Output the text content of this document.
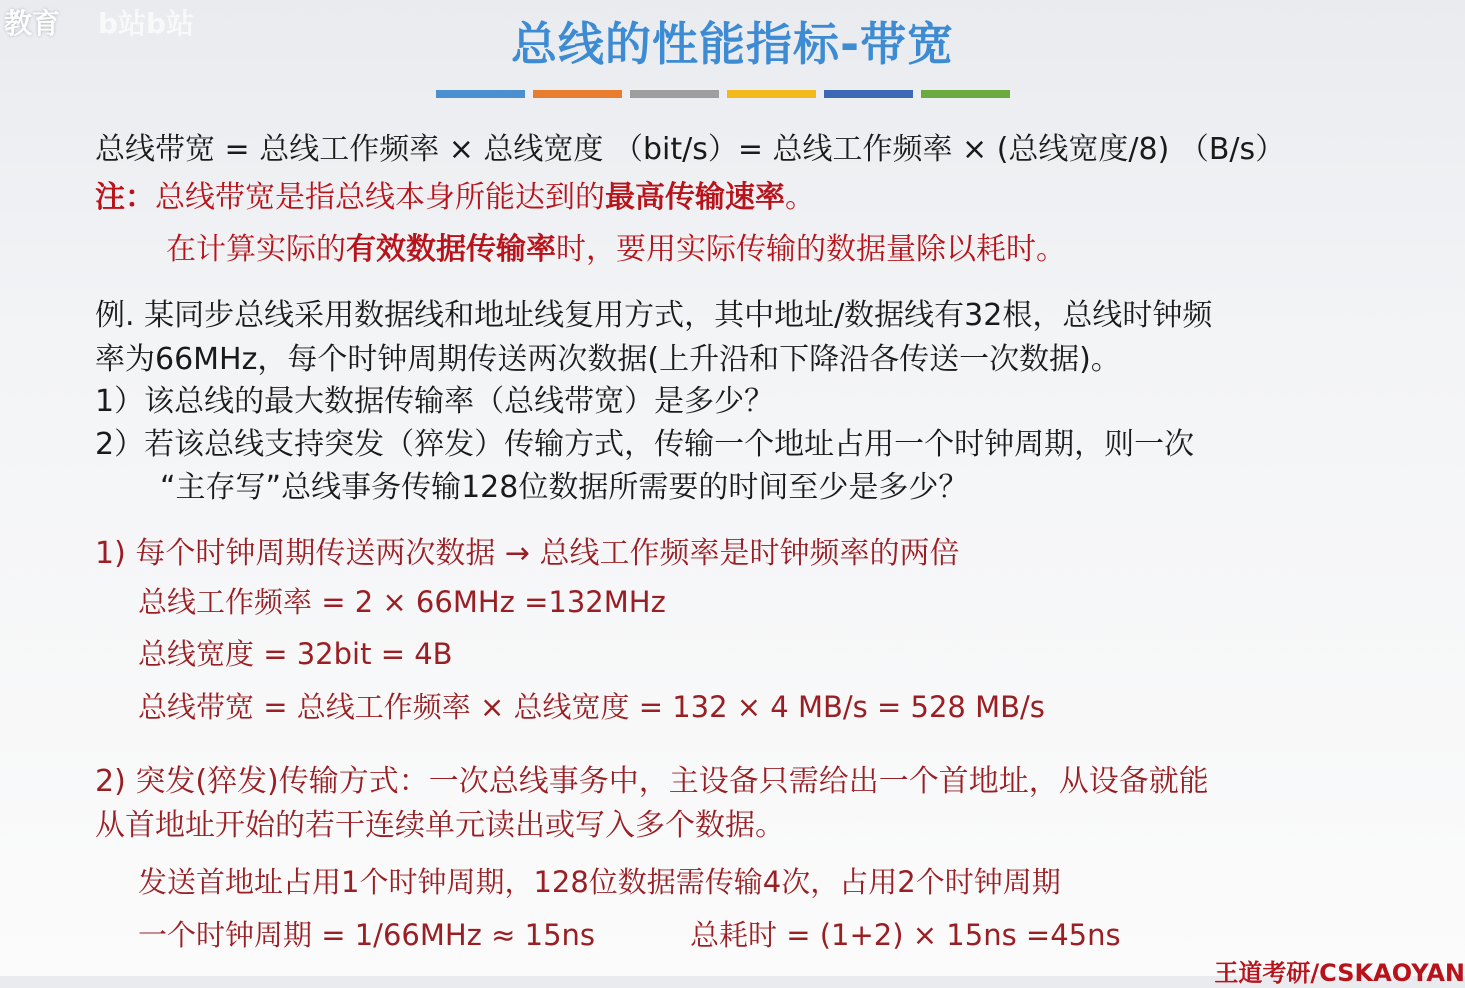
教育 b站b站	总线的性能指标-带宽
总线带宽 = 总线工作频率 × 总线宽度 （bit/s）= 总线工作频率 × (总线宽度/8) （B/s）
注：总线带宽是指总线本身所能达到的最高传输速率。
在计算实际的有效数据传输率时，要用实际传输的数据量除以耗时。
例. 某同步总线采用数据线和地址线复用方式，其中地址/数据线有32根，总线时钟频
率为66MHz，每个时钟周期传送两次数据(上升沿和下降沿各传送一次数据)。
1）该总线的最大数据传输率（总线带宽）是多少？
2）若该总线支持突发（猝发）传输方式，传输一个地址占用一个时钟周期，则一次
“主存写”总线事务传输128位数据所需要的时间至少是多少？
1) 每个时钟周期传送两次数据 → 总线工作频率是时钟频率的两倍
总线工作频率 = 2 × 66MHz =132MHz
总线宽度 = 32bit = 4B
总线带宽 = 总线工作频率 × 总线宽度 = 132 × 4 MB/s = 528 MB/s
2) 突发(猝发)传输方式：一次总线事务中，主设备只需给出一个首地址，从设备就能
从首地址开始的若干连续单元读出或写入多个数据。
发送首地址占用1个时钟周期，128位数据需传输4次，占用2个时钟周期
一个时钟周期 = 1/66MHz ≈ 15ns	总耗时 = (1+2) × 15ns =45ns
王道考研/CSKAOYAN
